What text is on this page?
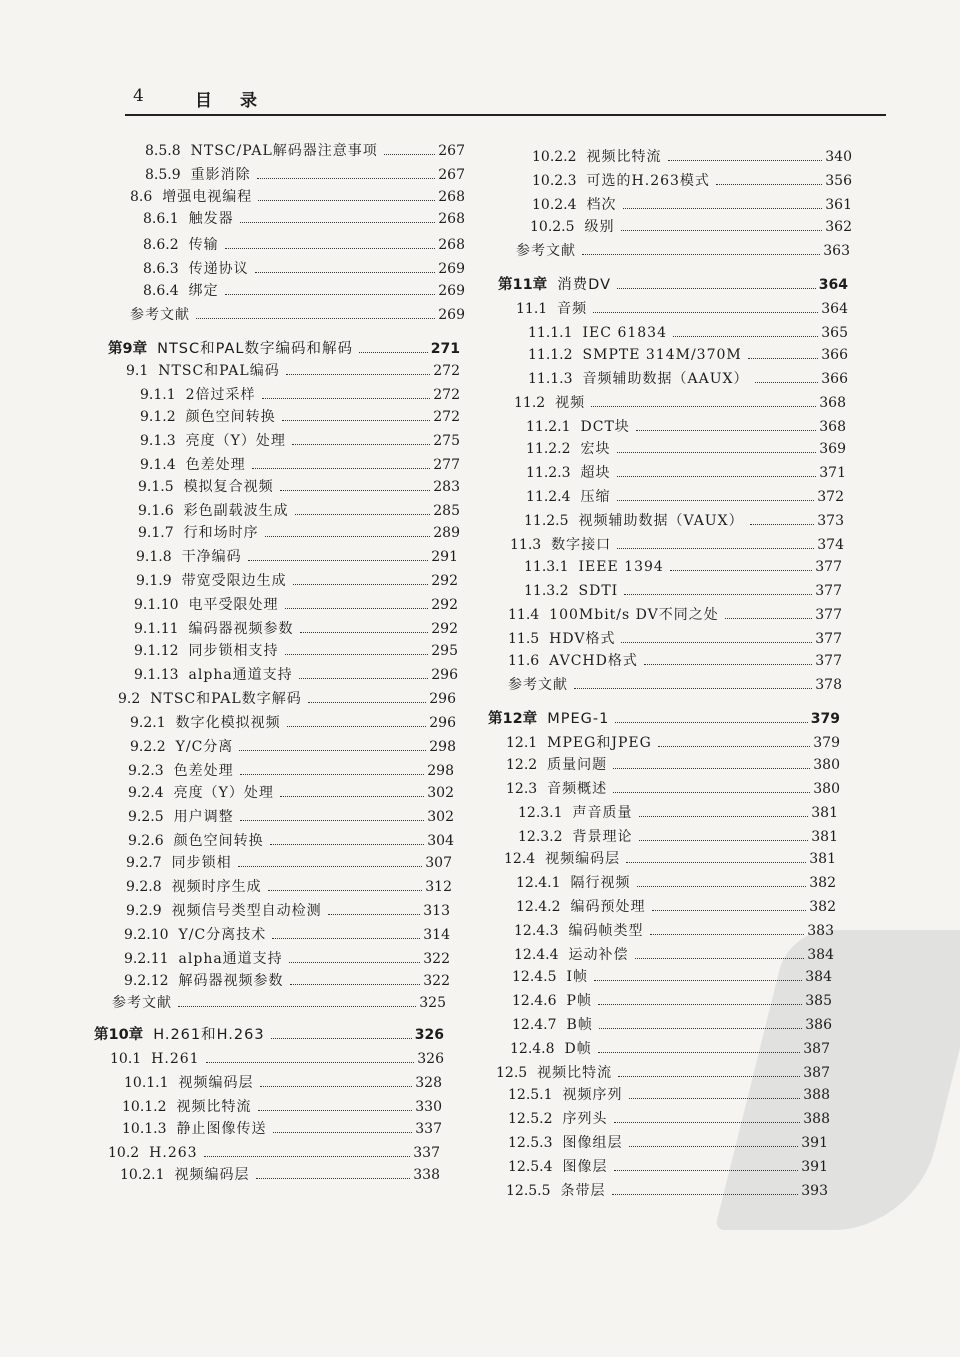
4	目录
8.5.8 NTSC/PAL解码器注意事项	267
8.5.9 重影消除	267
8.6 增强电视编程	268
8.6.1 触发器	268
8.6.2 传输	268
8.6.3 传递协议	269
8.6.4 绑定	269
参考文献	269
第9章 NTSC和PAL数字编码和解码	271
9.1 NTSC和PAL编码	272
9.1.1 2倍过采样	272
9.1.2 颜色空间转换	272
9.1.3 亮度（Y）处理	275
9.1.4 色差处理	277
9.1.5 模拟复合视频	283
9.1.6 彩色副载波生成	285
9.1.7 行和场时序	289
9.1.8 干净编码	291
9.1.9 带宽受限边生成	292
9.1.10 电平受限处理	292
9.1.11 编码器视频参数	292
9.1.12 同步锁相支持	295
9.1.13 alpha通道支持	296
9.2 NTSC和PAL数字解码	296
9.2.1 数字化模拟视频	296
9.2.2 Y/C分离	298
9.2.3 色差处理	298
9.2.4 亮度（Y）处理	302
9.2.5 用户调整	302
9.2.6 颜色空间转换	304
9.2.7 同步锁相	307
9.2.8 视频时序生成	312
9.2.9 视频信号类型自动检测	313
9.2.10 Y/C分离技术	314
9.2.11 alpha通道支持	322
9.2.12 解码器视频参数	322
参考文献	325
第10章 H.261和H.263	326
10.1 H.261	326
10.1.1 视频编码层	328
10.1.2 视频比特流	330
10.1.3 静止图像传送	337
10.2 H.263	337
10.2.1 视频编码层	338
10.2.2 视频比特流	340
10.2.3 可选的H.263模式	356
10.2.4 档次	361
10.2.5 级别	362
参考文献	363
第11章 消费DV	364
11.1 音频	364
11.1.1 IEC 61834	365
11.1.2 SMPTE 314M/370M	366
11.1.3 音频辅助数据（AAUX）	366
11.2 视频	368
11.2.1 DCT块	368
11.2.2 宏块	369
11.2.3 超块	371
11.2.4 压缩	372
11.2.5 视频辅助数据（VAUX）	373
11.3 数字接口	374
11.3.1 IEEE 1394	377
11.3.2 SDTI	377
11.4 100Mbit/s DV不同之处	377
11.5 HDV格式	377
11.6 AVCHD格式	377
参考文献	378
第12章 MPEG-1	379
12.1 MPEG和JPEG	379
12.2 质量问题	380
12.3 音频概述	380
12.3.1 声音质量	381
12.3.2 背景理论	381
12.4 视频编码层	381
12.4.1 隔行视频	382
12.4.2 编码预处理	382
12.4.3 编码帧类型	383
12.4.4 运动补偿	384
12.4.5 I帧	384
12.4.6 P帧	385
12.4.7 B帧	386
12.4.8 D帧	387
12.5 视频比特流	387
12.5.1 视频序列	388
12.5.2 序列头	388
12.5.3 图像组层	391
12.5.4 图像层	391
12.5.5 条带层	393
